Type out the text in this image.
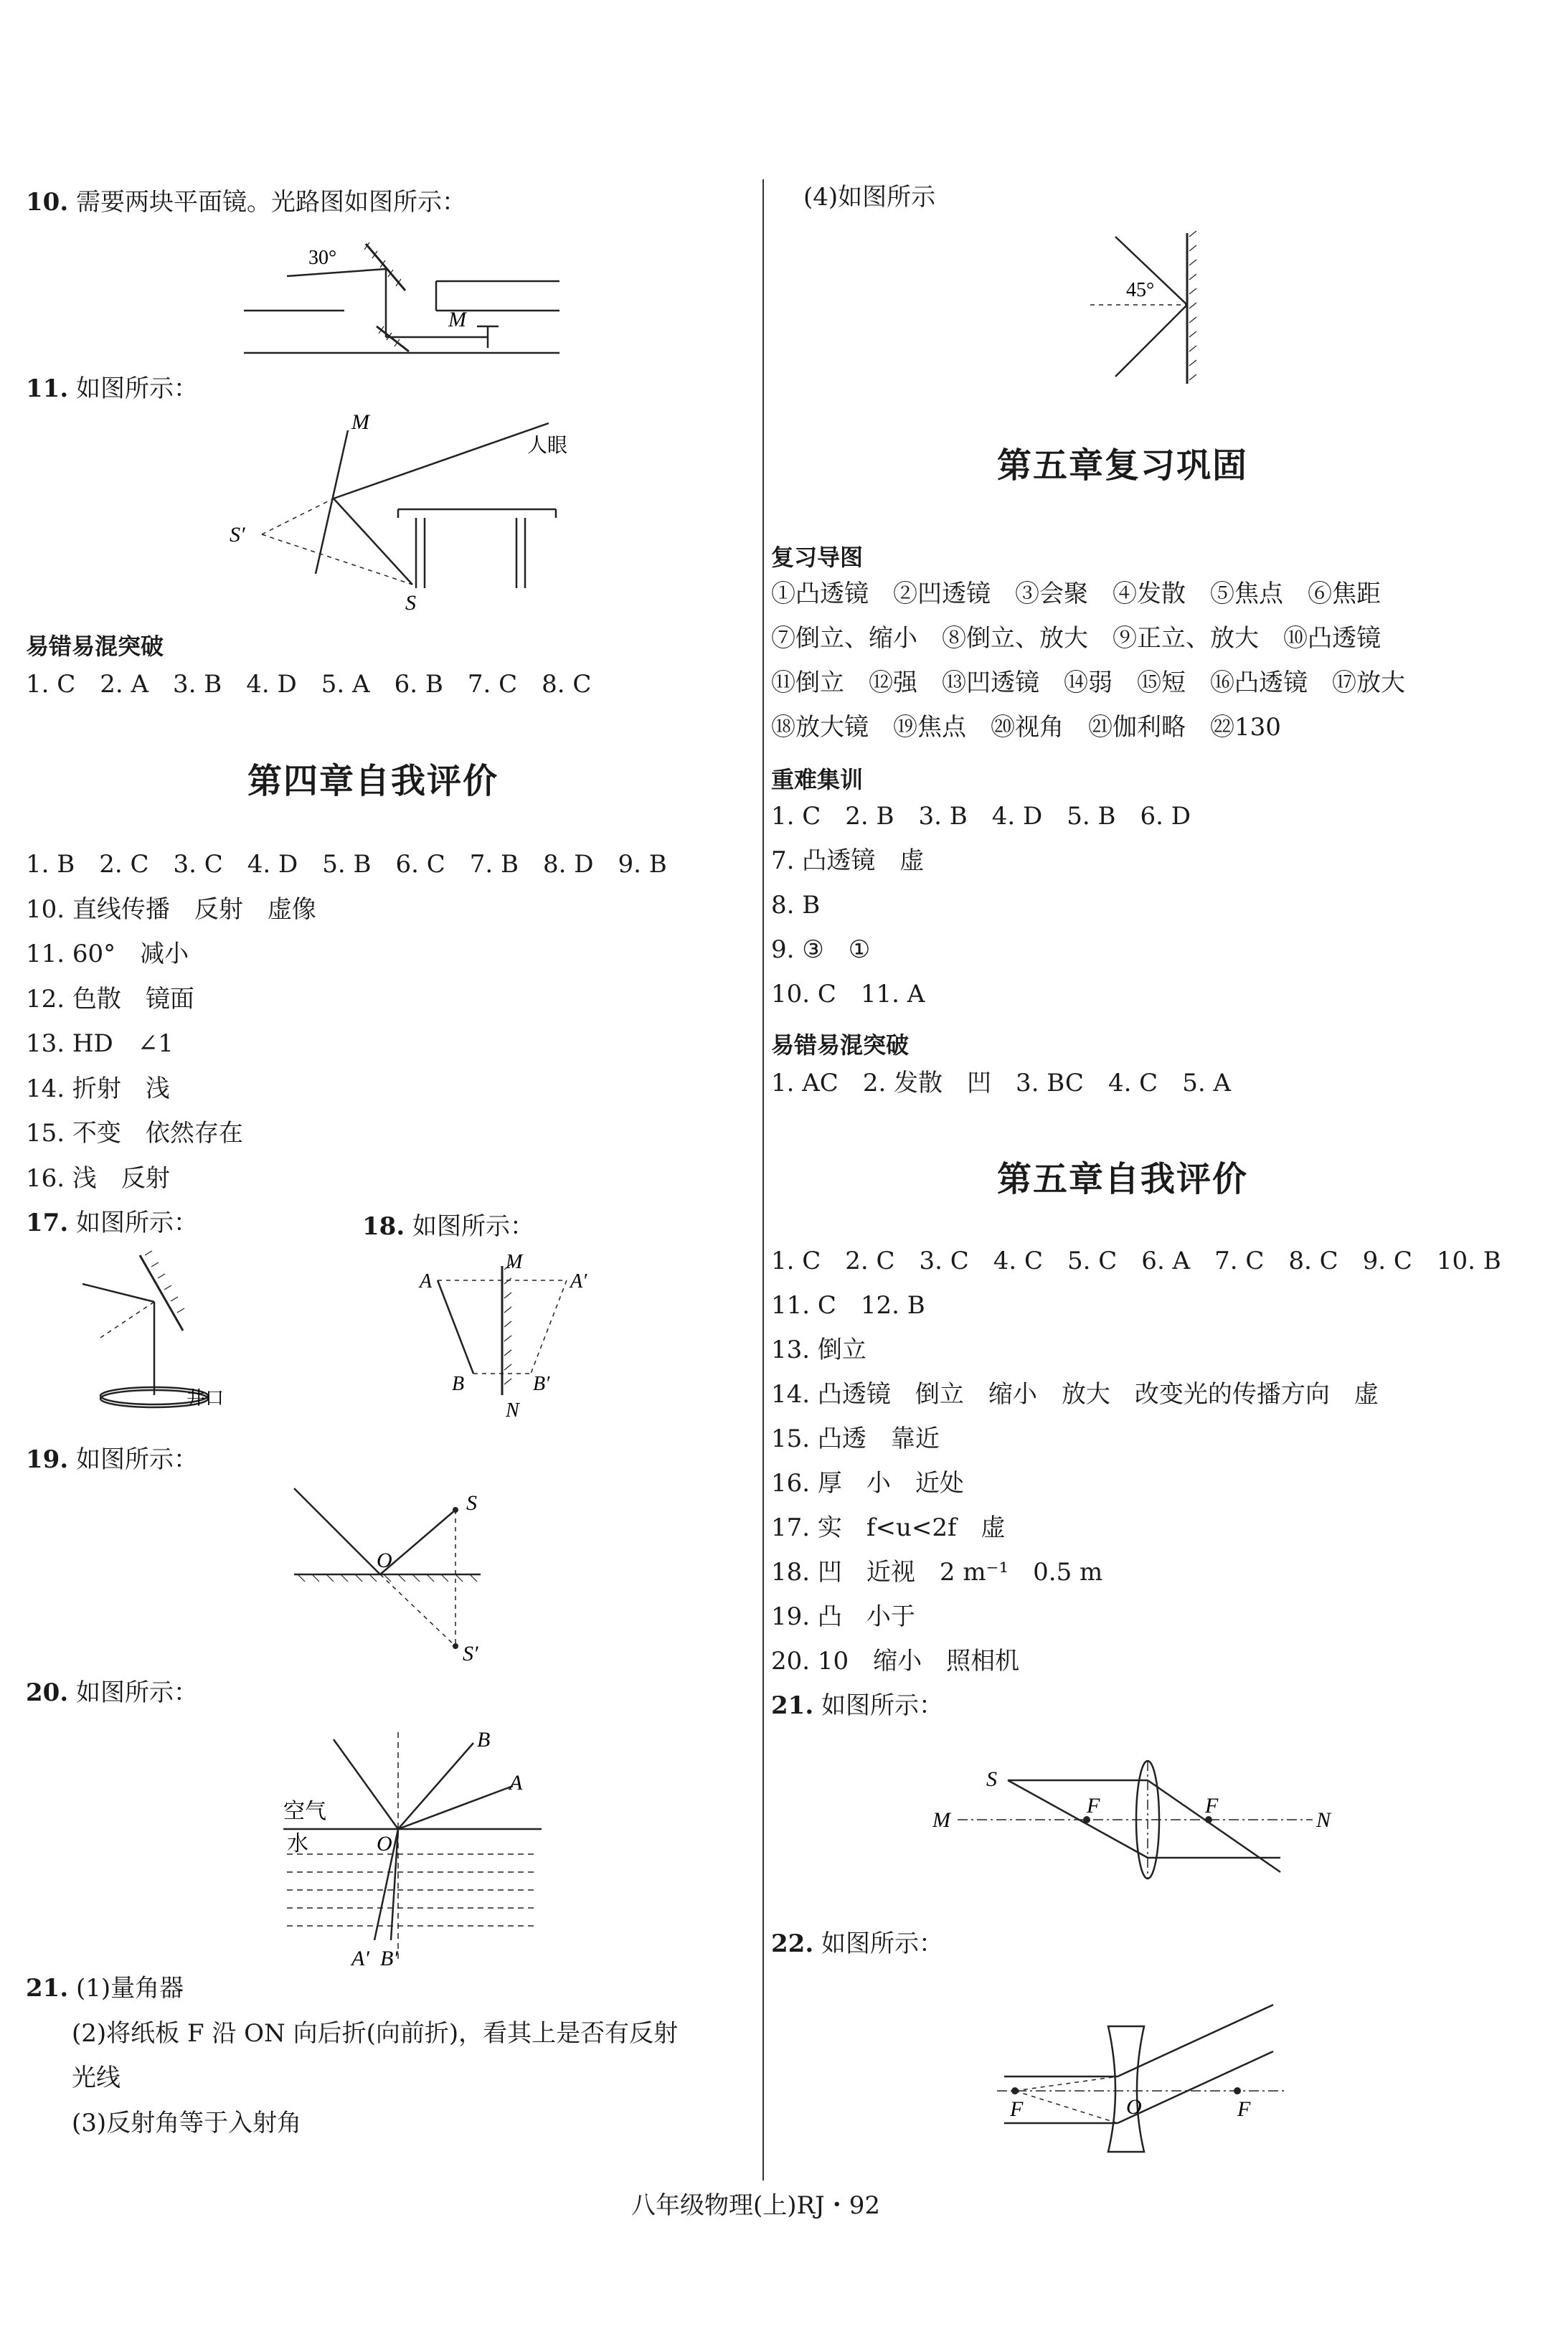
10. 需要两块平面镜。光路图如图所示：
30°
M
11. 如图所示：
M
人眼
S′
S
易错易混突破
1. C　2. A　3. B　4. D　5. A　6. B　7. C　8. C
第四章自我评价
1. B　2. C　3. C　4. D　5. B　6. C　7. B　8. D　9. B
10. 直线传播　反射　虚像
11. 60°　减小
12. 色散　镜面
13. HD　∠1
14. 折射　浅
15. 不变　依然存在
16. 浅　反射
17. 如图所示：
井口
18. 如图所示：
A	A′
B	B′
M
N
19. 如图所示：
S
S′
O
20. 如图所示：
空气
水	O
B
A
A′ B′
21. (1)量角器
(2)将纸板 F 沿 ON 向后折(向前折)，看其上是否有反射
光线
(3)反射角等于入射角
(4)如图所示
45°
第五章复习巩固
复习导图
①凸透镜　②凹透镜　③会聚　④发散　⑤焦点　⑥焦距
⑦倒立、缩小　⑧倒立、放大　⑨正立、放大　⑩凸透镜
⑪倒立　⑫强　⑬凹透镜　⑭弱　⑮短　⑯凸透镜　⑰放大
⑱放大镜　⑲焦点　⑳视角　㉑伽利略　㉒130
重难集训
1. C　2. B　3. B　4. D　5. B　6. D
7. 凸透镜　虚
8. B
9. ③　①
10. C　11. A
易错易混突破
1. AC　2. 发散　凹　3. BC　4. C　5. A
第五章自我评价
1. C　2. C　3. C　4. C　5. C　6. A　7. C　8. C　9. C　10. B
11. C　12. B
13. 倒立
14. 凸透镜　倒立　缩小　放大　改变光的传播方向　虚
15. 凸透　靠近
16. 厚　小　近处
17. 实　f<u<2f　虚
18. 凹　近视　2 m⁻¹　0.5 m
19. 凸　小于
20. 10　缩小　照相机
21. 如图所示：
S
F	F
M	N
22. 如图所示：
F	F
O
八年级物理(上)RJ・92
